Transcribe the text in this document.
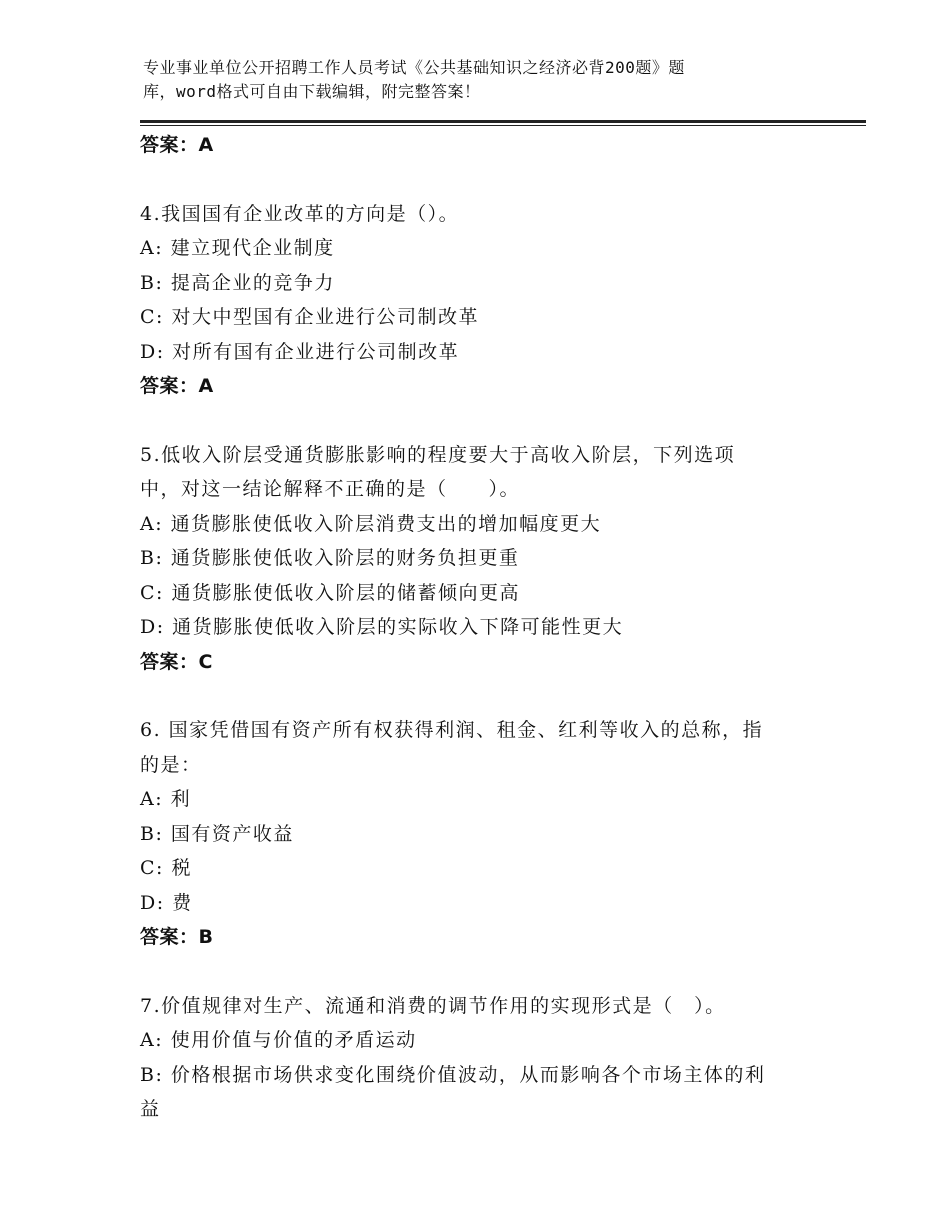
专业事业单位公开招聘工作人员考试《公共基础知识之经济必背200题》题
库，word格式可自由下载编辑，附完整答案！
答案：A
4.我国国有企业改革的方向是（）。
A: 建立现代企业制度
B: 提高企业的竞争力
C: 对大中型国有企业进行公司制改革
D: 对所有国有企业进行公司制改革
答案：A
5.低收入阶层受通货膨胀影响的程度要大于高收入阶层，下列选项
中，对这一结论解释不正确的是（　　）。
A: 通货膨胀使低收入阶层消费支出的增加幅度更大
B: 通货膨胀使低收入阶层的财务负担更重
C: 通货膨胀使低收入阶层的储蓄倾向更高
D: 通货膨胀使低收入阶层的实际收入下降可能性更大
答案：C
6. 国家凭借国有资产所有权获得利润、租金、红利等收入的总称，指
的是：
A: 利
B: 国有资产收益
C: 税
D: 费
答案：B
7.价值规律对生产、流通和消费的调节作用的实现形式是（　）。
A: 使用价值与价值的矛盾运动
B: 价格根据市场供求变化围绕价值波动，从而影响各个市场主体的利
益
